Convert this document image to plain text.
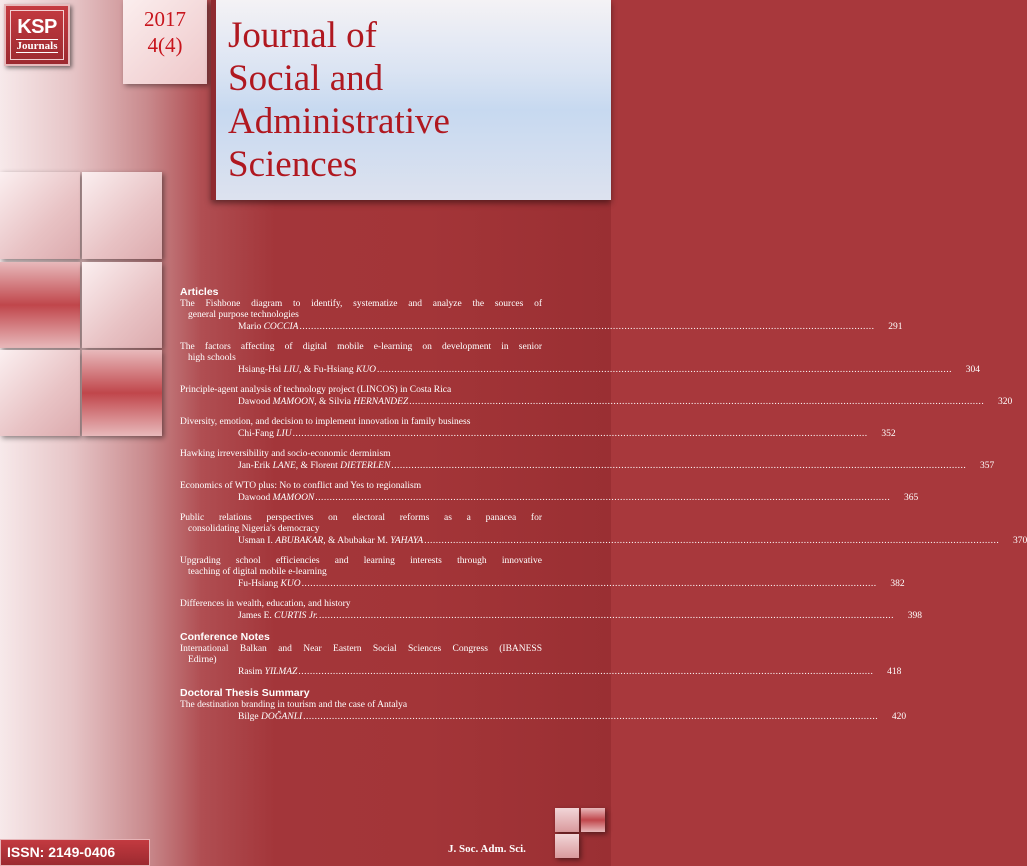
KSP
Journals
2017
4(4)	Journal of
Social and
Administrative
Sciences
Articles
The Fishbone diagram to identify, systematize and analyze the sources of
general purpose technologies
Mario COCCIA ........................................................................................................................................................................................................	291
The factors affecting of digital mobile e-learning on development in senior
high schools
Hsiang-Hsi LIU, & Fu-Hsiang KUO ........................................................................................................................................................................................................	304
Principle-agent analysis of technology project (LINCOS) in Costa Rica
Dawood MAMOON, & Silvia HERNANDEZ ........................................................................................................................................................................................................	320
Diversity, emotion, and decision to implement innovation in family business
Chi-Fang LIU ........................................................................................................................................................................................................	352
Hawking irreversibility and socio-economic derminism
Jan-Erik LANE, & Florent DIETERLEN ........................................................................................................................................................................................................	357
Economics of WTO plus: No to conflict and Yes to regionalism
Dawood MAMOON ........................................................................................................................................................................................................	365
Public relations perspectives on electoral reforms as a panacea for
consolidating Nigeria's democracy
Usman I. ABUBAKAR, & Abubakar M. YAHAYA ........................................................................................................................................................................................................	370
Upgrading school efficiencies and learning interests through innovative
teaching of digital mobile e-learning
Fu-Hsiang KUO ........................................................................................................................................................................................................	382
Differences in wealth, education, and history
James E. CURTIS Jr. ........................................................................................................................................................................................................	398
Conference Notes
International Balkan and Near Eastern Social Sciences Congress (IBANESS
Edirne)
Rasim YILMAZ ........................................................................................................................................................................................................	418
Doctoral Thesis Summary
The destination branding in tourism and the case of Antalya
Bilge DOĞANLI ........................................................................................................................................................................................................	420
ISSN: 2149-0406	J. Soc. Adm. Sci.
